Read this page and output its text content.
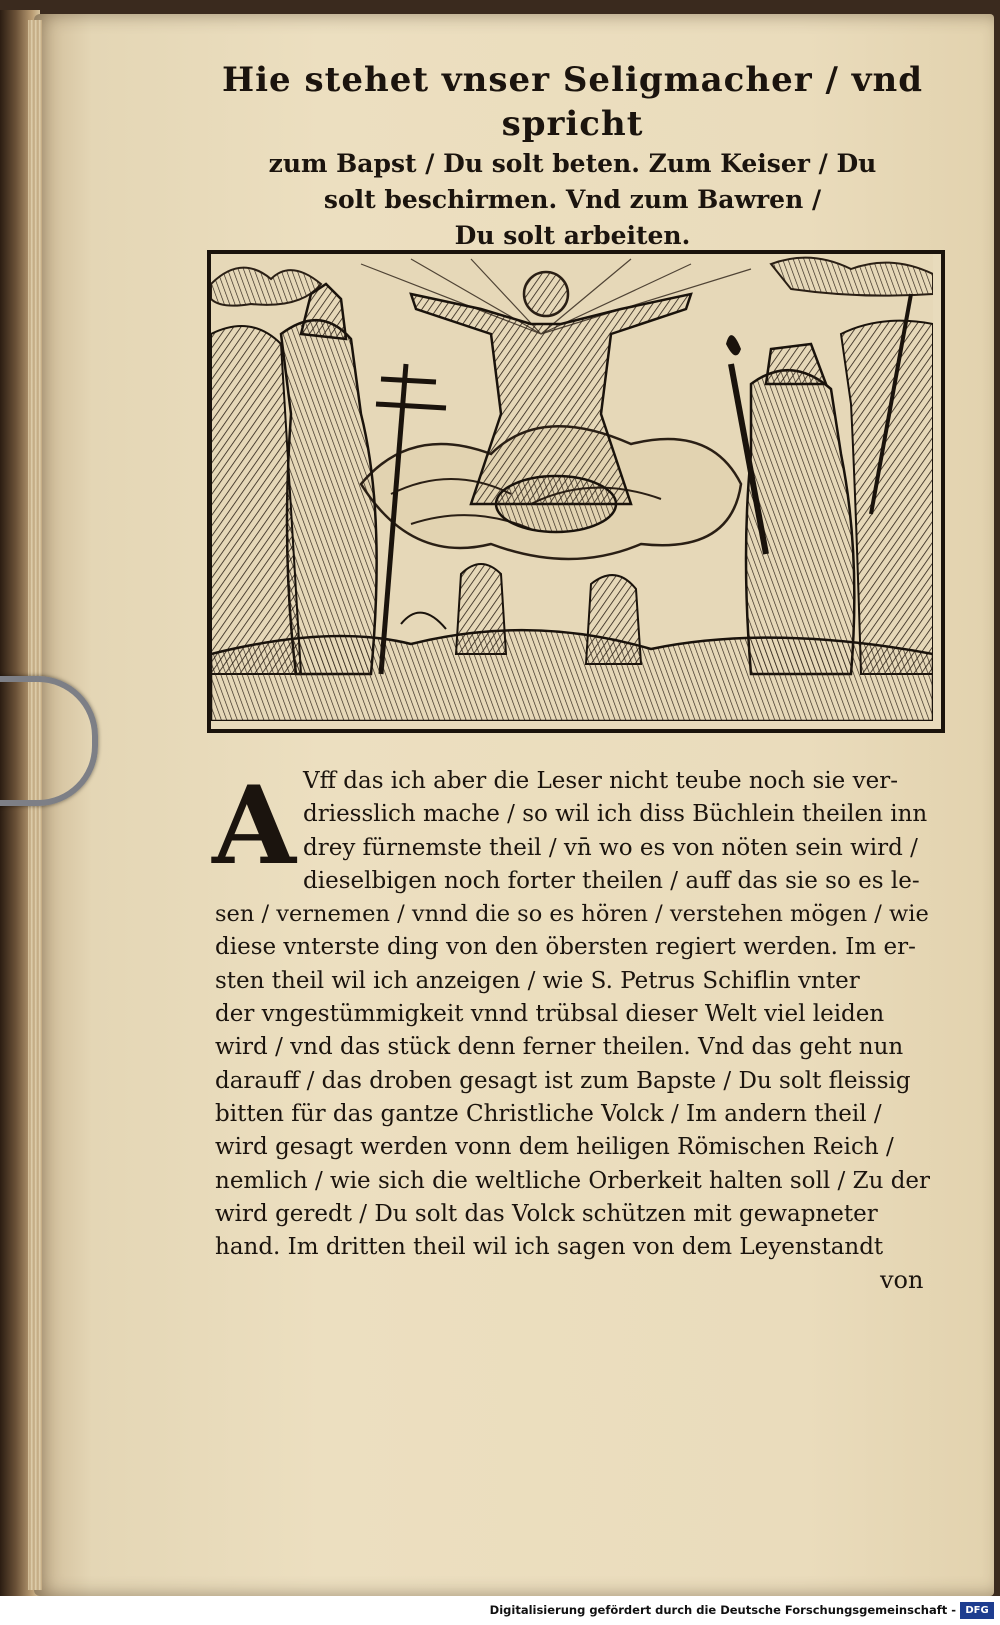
Hie stehet vnser Seligmacher / vnd spricht
zum Bapst / Du solt beten. Zum Keiser / Du
solt beschirmen. Vnd zum Bawren /
Du solt arbeiten.
A Vff das ich aber die Leser nicht teube noch sie ver-
driesslich mache / so wil ich diss Büchlein theilen inn
drey fürnemste theil / vn̄ wo es von nöten sein wird /
dieselbigen noch forter theilen / auff das sie so es le-
sen / vernemen / vnnd die so es hören / verstehen mögen / wie
diese vnterste ding von den öbersten regiert werden. Im er-
sten theil wil ich anzeigen / wie S. Petrus Schiflin vnter
der vngestümmigkeit vnnd trübsal dieser Welt viel leiden
wird / vnd das stück denn ferner theilen. Vnd das geht nun
darauff / das droben gesagt ist zum Bapste / Du solt fleissig
bitten für das gantze Christliche Volck / Im andern theil /
wird gesagt werden vonn dem heiligen Römischen Reich /
nemlich / wie sich die weltliche Orberkeit halten soll / Zu der
wird geredt / Du solt das Volck schützen mit gewapneter
hand. Im dritten theil wil ich sagen von dem Leyenstandt
von
Digitalisierung gefördert durch die Deutsche Forschungsgemeinschaft - DFG
